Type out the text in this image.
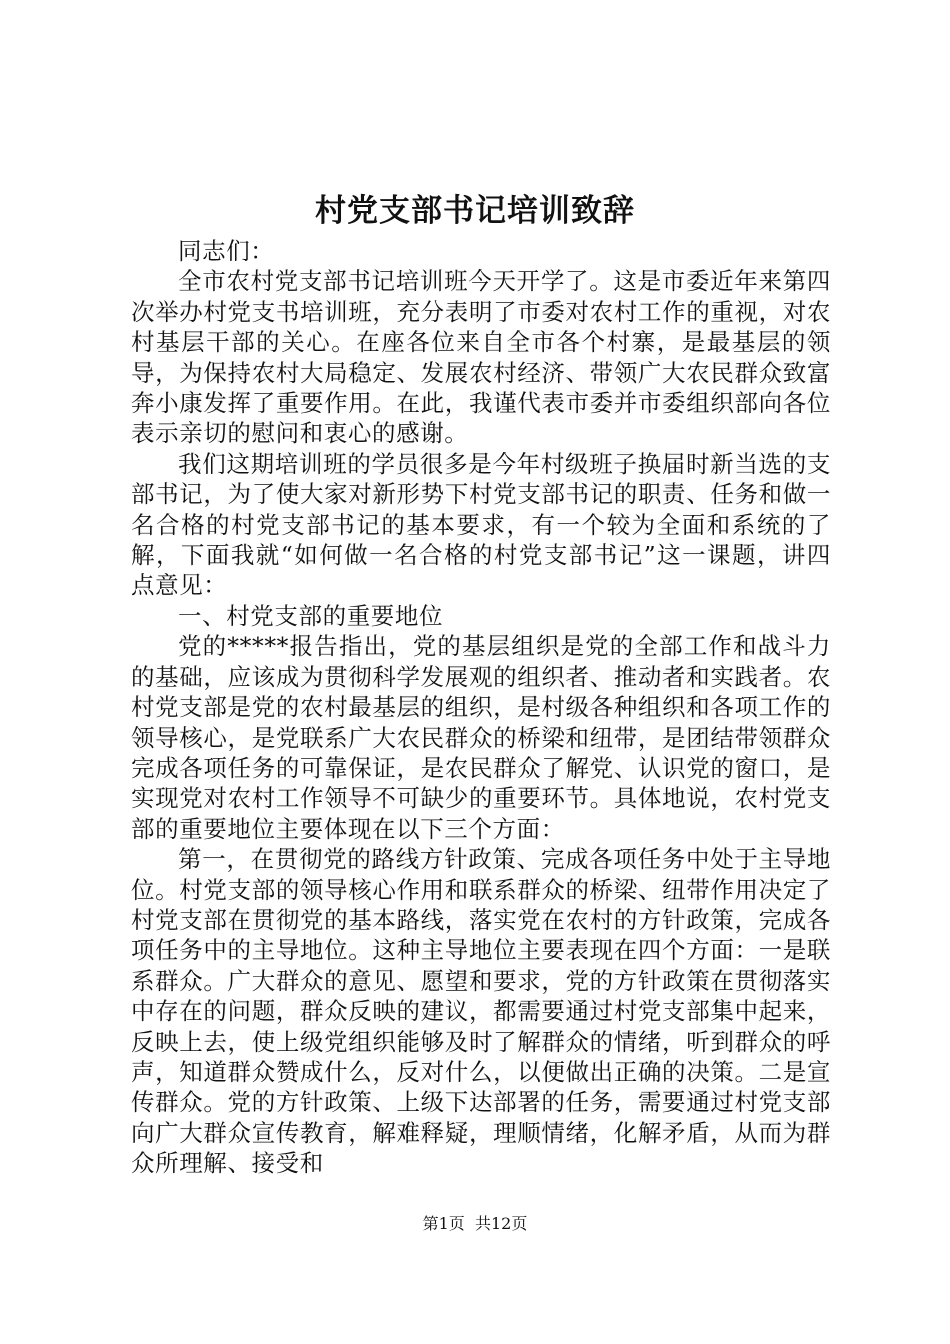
村党支部书记培训致辞

同志们：

全市农村党支部书记培训班今天开学了。这是市委近年来第四次举办村党支书培训班，充分表明了市委对农村工作的重视，对农村基层干部的关心。在座各位来自全市各个村寨，是最基层的领导，为保持农村大局稳定、发展农村经济、带领广大农民群众致富奔小康发挥了重要作用。在此，我谨代表市委并市委组织部向各位表示亲切的慰问和衷心的感谢。

我们这期培训班的学员很多是今年村级班子换届时新当选的支部书记，为了使大家对新形势下村党支部书记的职责、任务和做一名合格的村党支部书记的基本要求，有一个较为全面和系统的了解，下面我就“如何做一名合格的村党支部书记”这一课题，讲四点意见：

一、村党支部的重要地位

党的*****报告指出，党的基层组织是党的全部工作和战斗力的基础，应该成为贯彻科学发展观的组织者、推动者和实践者。农村党支部是党的农村最基层的组织，是村级各种组织和各项工作的领导核心，是党联系广大农民群众的桥梁和纽带，是团结带领群众完成各项任务的可靠保证，是农民群众了解党、认识党的窗口，是实现党对农村工作领导不可缺少的重要环节。具体地说，农村党支部的重要地位主要体现在以下三个方面：

第一，在贯彻党的路线方针政策、完成各项任务中处于主导地位。村党支部的领导核心作用和联系群众的桥梁、纽带作用决定了村党支部在贯彻党的基本路线，落实党在农村的方针政策，完成各项任务中的主导地位。这种主导地位主要表现在四个方面：一是联系群众。广大群众的意见、愿望和要求，党的方针政策在贯彻落实中存在的问题，群众反映的建议，都需要通过村党支部集中起来，反映上去，使上级党组织能够及时了解群众的情绪，听到群众的呼声，知道群众赞成什么，反对什么，以便做出正确的决策。二是宣传群众。党的方针政策、上级下达部署的任务，需要通过村党支部向广大群众宣传教育，解难释疑，理顺情绪，化解矛盾，从而为群众所理解、接受和

第1页 共12页
